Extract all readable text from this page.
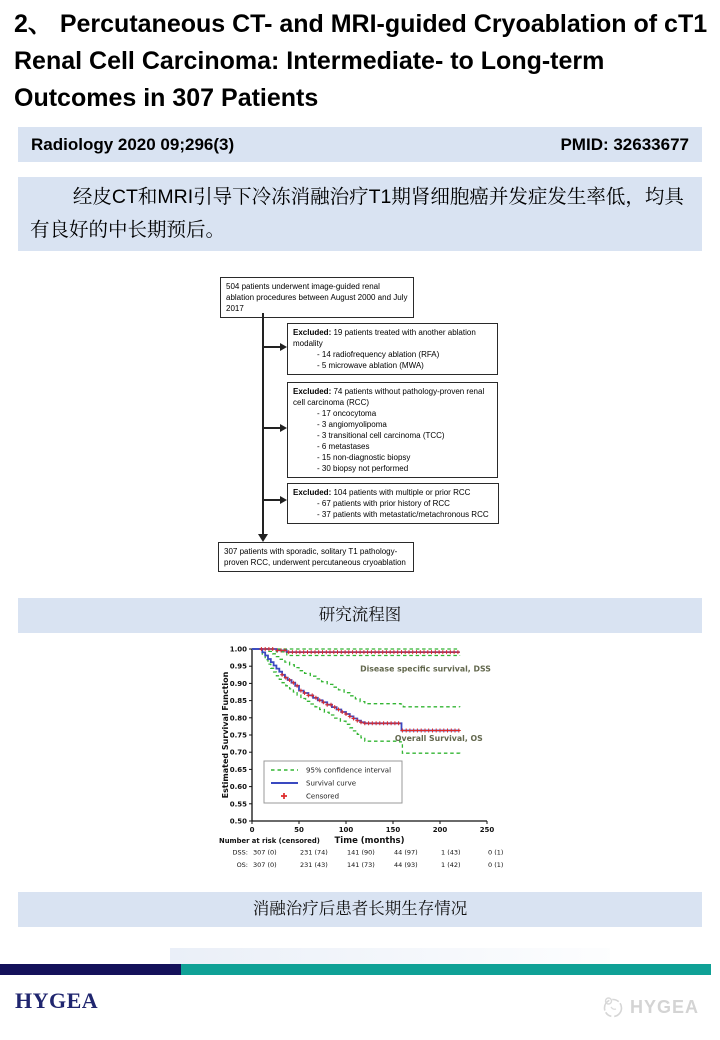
2、 Percutaneous CT- and MRI-guided Cryoablation of cT1 Renal Cell Carcinoma: Intermediate- to Long-term Outcomes in 307 Patients
Radiology 2020 09;296(3)	PMID: 32633677

经皮CT和MRI引导下冷冻消融治疗T1期肾细胞癌并发症发生率低，均具有良好的中长期预后。

504 patients underwent image-guided renal ablation procedures between August 2000 and July 2017
Excluded: 19 patients treated with another ablation modality
- 14 radiofrequency ablation (RFA)
- 5 microwave ablation (MWA)
Excluded: 74 patients without pathology-proven renal cell carcinoma (RCC)
- 17 oncocytoma
- 3 angiomyolipoma
- 3 transitional cell carcinoma (TCC)
- 6 metastases
- 15 non-diagnostic biopsy
- 30 biopsy not performed
Excluded: 104 patients with multiple or prior RCC
- 67 patients with prior history of RCC
- 37 patients with metastatic/metachronous RCC
307 patients with sporadic, solitary T1 pathology-proven RCC, underwent percutaneous cryoablation
研究流程图
1.00
0.95
0.90
0.85
0.80
0.75
0.70
0.65
0.60
0.55
0.50
0	50	100	150	200	250
Time (months)
Estimated Survival Function
Disease specific survival, DSS
Overall Survival, OS
95% confidence interval
Survival curve
Censored
Number at risk (censored)
DSS: 307 (0)	231 (74)	141 (90)	44 (97)	1 (43)	0 (1)
OS: 307 (0)	231 (43)	141 (73)	44 (93)	1 (42)	0 (1)
消融治疗后患者长期生存情况
HYGEA	HYGEA
